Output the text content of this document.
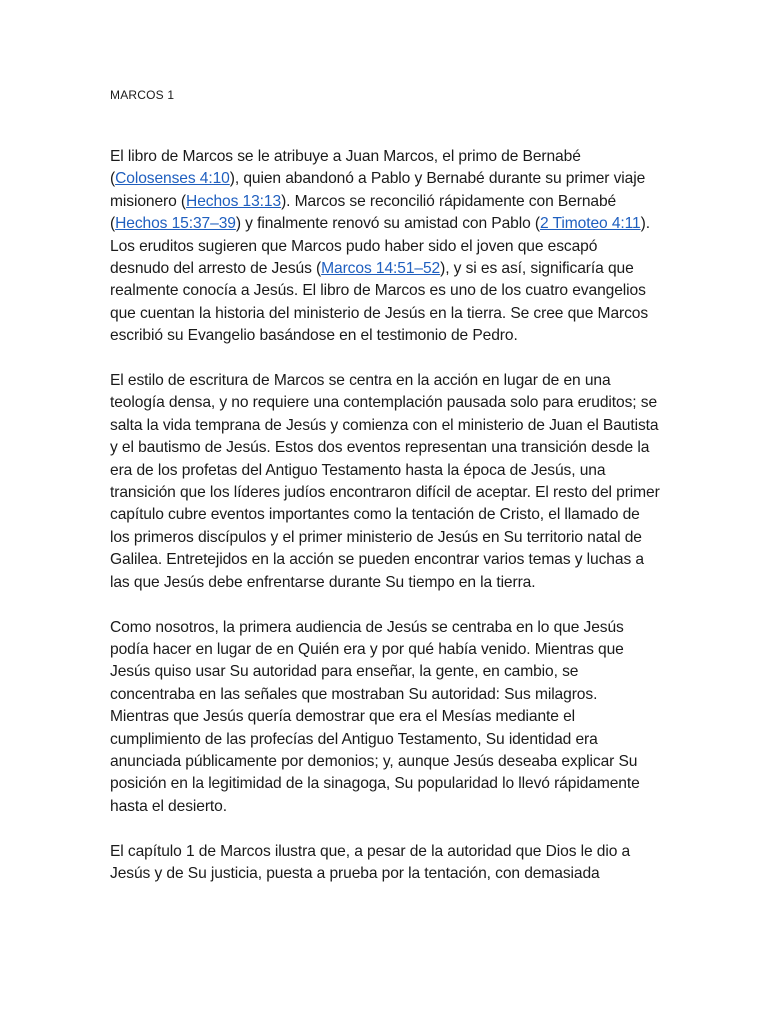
MARCOS 1

El libro de Marcos se le atribuye a Juan Marcos, el primo de Bernabé (Colosenses 4:10), quien abandonó a Pablo y Bernabé durante su primer viaje misionero (Hechos 13:13). Marcos se reconcilió rápidamente con Bernabé (Hechos 15:37–39) y finalmente renovó su amistad con Pablo (2 Timoteo 4:11). Los eruditos sugieren que Marcos pudo haber sido el joven que escapó desnudo del arresto de Jesús (Marcos 14:51–52), y si es así, significaría que realmente conocía a Jesús. El libro de Marcos es uno de los cuatro evangelios que cuentan la historia del ministerio de Jesús en la tierra. Se cree que Marcos escribió su Evangelio basándose en el testimonio de Pedro.

El estilo de escritura de Marcos se centra en la acción en lugar de en una teología densa, y no requiere una contemplación pausada solo para eruditos; se salta la vida temprana de Jesús y comienza con el ministerio de Juan el Bautista y el bautismo de Jesús. Estos dos eventos representan una transición desde la era de los profetas del Antiguo Testamento hasta la época de Jesús, una transición que los líderes judíos encontraron difícil de aceptar. El resto del primer capítulo cubre eventos importantes como la tentación de Cristo, el llamado de los primeros discípulos y el primer ministerio de Jesús en Su territorio natal de Galilea. Entretejidos en la acción se pueden encontrar varios temas y luchas a las que Jesús debe enfrentarse durante Su tiempo en la tierra.

Como nosotros, la primera audiencia de Jesús se centraba en lo que Jesús podía hacer en lugar de en Quién era y por qué había venido. Mientras que Jesús quiso usar Su autoridad para enseñar, la gente, en cambio, se concentraba en las señales que mostraban Su autoridad: Sus milagros. Mientras que Jesús quería demostrar que era el Mesías mediante el cumplimiento de las profecías del Antiguo Testamento, Su identidad era anunciada públicamente por demonios; y, aunque Jesús deseaba explicar Su posición en la legitimidad de la sinagoga, Su popularidad lo llevó rápidamente hasta el desierto.

El capítulo 1 de Marcos ilustra que, a pesar de la autoridad que Dios le dio a Jesús y de Su justicia, puesta a prueba por la tentación, con demasiada
